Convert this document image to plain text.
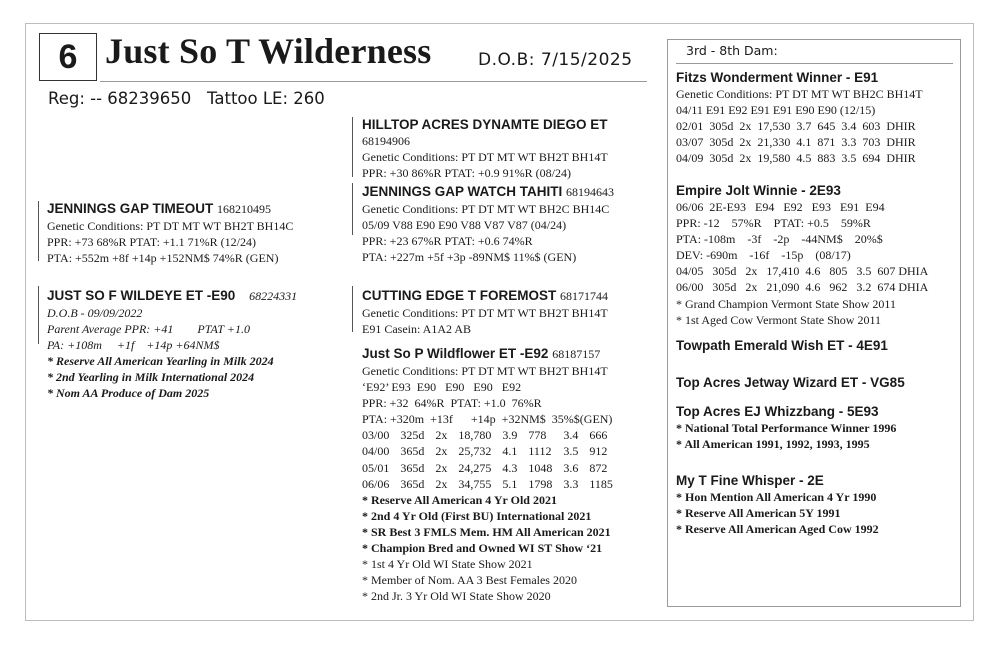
6 Just So T Wilderness	D.O.B: 7/15/2025
Reg: -- 68239650   Tattoo LE: 260
JENNINGS GAP TIMEOUT 168210495
Genetic Conditions: PT DT MT WT BH2T BH14C
PPR: +73 68%R PTAT: +1.1 71%R (12/24)
PTA: +552m +8f +14p +152NM$ 74%R (GEN)
JUST SO F WILDEYE ET -E90 68224331
D.O.B - 09/09/2022
Parent Average PPR: +41        PTAT +1.0
PA: +108m     +1f    +14p +64NM$
* Reserve All American Yearling in Milk 2024
* 2nd Yearling in Milk International 2024
* Nom AA Produce of Dam 2025
HILLTOP ACRES DYNAMTE DIEGO ET
68194906
Genetic Conditions: PT DT MT WT BH2T BH14T
PPR: +30 86%R PTAT: +0.9 91%R (08/24)
JENNINGS GAP WATCH TAHITI 68194643
Genetic Conditions: PT DT MT WT BH2C BH14C
05/09 V88 E90 E90 V88 V87 V87 (04/24)
PPR: +23 67%R PTAT: +0.6 74%R
PTA: +227m +5f +3p -89NM$ 11%$ (GEN)
CUTTING EDGE T FOREMOST 68171744
Genetic Conditions: PT DT MT WT BH2T BH14T
E91 Casein: A1A2 AB
Just So P Wildflower ET -E92 68187157
Genetic Conditions: PT DT MT WT BH2T BH14T
‘E92’ E93  E90   E90   E90   E92
PPR: +32  64%R  PTAT: +1.0  76%R
PTA: +320m  +13f      +14p  +32NM$  35%$(GEN)
03/00	325d	2x	18,780	3.9	778	3.4	666
04/00	365d	2x	25,732	4.1	1112	3.5	912
05/01	365d	2x	24,275	4.3	1048	3.6	872
06/06	365d	2x	34,755	5.1	1798	3.3	1185
* Reserve All American 4 Yr Old 2021
* 2nd 4 Yr Old (First BU) International 2021
* SR Best 3 FMLS Mem. HM All American 2021
* Champion Bred and Owned WI ST Show ‘21
* 1st 4 Yr Old WI State Show 2021
* Member of Nom. AA 3 Best Females 2020
* 2nd Jr. 3 Yr Old WI State Show 2020
3rd - 8th Dam:
Fitzs Wonderment Winner - E91
Genetic Conditions: PT DT MT WT BH2C BH14T
04/11 E91 E92 E91 E91 E90 E90 (12/15)
02/01	305d	2x	17,530	3.7	645	3.4	603	DHIR
03/07	305d	2x	21,330	4.1	871	3.3	703	DHIR
04/09	305d	2x	19,580	4.5	883	3.5	694	DHIR
Empire Jolt Winnie - 2E93
06/06  2E-E93   E94   E92   E93   E91  E94
PPR: -12    57%R    PTAT: +0.5    59%R
PTA: -108m    -3f    -2p    -44NM$    20%$
DEV: -690m    -16f    -15p    (08/17)
04/05   305d   2x   17,410  4.6   805   3.5  607 DHIA
06/00   305d   2x   21,090  4.6   962   3.2  674 DHIA
* Grand Champion Vermont State Show 2011
* 1st Aged Cow Vermont State Show 2011
Towpath Emerald Wish ET - 4E91
Top Acres Jetway Wizard ET - VG85
Top Acres EJ Whizzbang - 5E93
* National Total Performance Winner 1996
* All American 1991, 1992, 1993, 1995
My T Fine Whisper - 2E
* Hon Mention All American 4 Yr 1990
* Reserve All American 5Y 1991
* Reserve All American Aged Cow 1992
